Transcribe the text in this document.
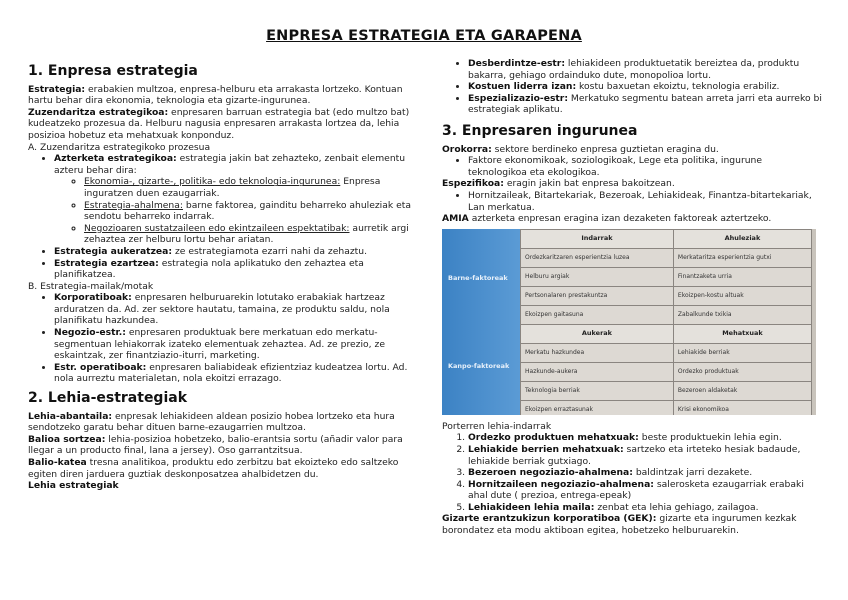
ENPRESA ESTRATEGIA ETA GARAPENA
1. Enpresa estrategia

Estrategia: erabakien multzoa, enpresa-helburu eta arrakasta lortzeko. Kontuan hartu behar dira ekonomia, teknologia eta gizarte-ingurunea.

Zuzendaritza estrategikoa: enpresaren barruan estrategia bat (edo multzo bat) kudeatzeko prozesua da. Helburu nagusia enpresaren arrakasta lortzea da, lehia posizioa hobetuz eta mehatxuak konponduz.

A. Zuzendaritza estrategikoko prozesua

• Azterketa estrategikoa: estrategia jakin bat zehazteko, zenbait elementu azteru behar dira:
◦ Ekonomia-, gizarte-, politika- edo teknologia-ingurunea: Enpresa inguratzen duen ezaugarriak.
◦ Estrategia-ahalmena: barne faktorea, gainditu beharreko ahuleziak eta sendotu beharreko indarrak.
◦ Negozioaren sustatzaileen edo ekintzaileen espektatibak: aurretik argi zehaztea zer helburu lortu behar ariatan.
• Estrategia aukeratzea: ze estrategiamota ezarri nahi da zehaztu.
• Estrategia ezartzea: estrategia nola aplikatuko den zehaztea eta planifikatzea.

B. Estrategia-mailak/motak

• Korporatiboak: enpresaren helburuarekin lotutako erabakiak hartzeaz arduratzen da. Ad. zer sektore hautatu, tamaina, ze produktu saldu, nola planifikatu hazkundea.
• Negozio-estr.: enpresaren produktuak bere merkatuan edo merkatu-segmentuan lehiakorrak izateko elementuak zehaztea. Ad. ze prezio, ze eskaintzak, zer finantziazio-iturri, marketing.
• Estr. operatiboak: enpresaren baliabideak efizientziaz kudeatzea lortu. Ad. nola aurreztu materialetan, nola ekoitzi errazago.
2. Lehia-estrategiak

Lehia-abantaila: enpresak lehiakideen aldean posizio hobea lortzeko eta hura sendotzeko garatu behar dituen barne-ezaugarrien multzoa.

Balioa sortzea: lehia-posizioa hobetzeko, balio-erantsia sortu (añadir valor para llegar a un producto final, lana a jersey). Oso garrantzitsua.

Balio-katea tresna analitikoa, produktu edo zerbitzu bat ekoizteko edo saltzeko egiten diren jarduera guztiak deskonposatzea ahalbidetzen du.

Lehia estrategiak

• Desberdintze-estr: lehiakideen produktuetatik bereiztea da, produktu bakarra, gehiago ordainduko dute, monopolioa lortu.
• Kostuen liderra izan: kostu baxuetan ekoiztu, teknologia erabiliz.
• Espezializazio-estr: Merkatuko segmentu batean arreta jarri eta aurreko bi estrategiak aplikatu.
3. Enpresaren ingurunea

Orokorra: sektore berdineko enpresa guztietan eragina du.

• Faktore ekonomikoak, soziologikoak, Lege eta politika, ingurune teknologikoa eta ekologikoa.

Espezifikoa: eragin jakin bat enpresa bakoitzean.

• Hornitzaileak, Bitartekariak, Bezeroak, Lehiakideak, Finantza-bitartekariak, Lan merkatua.

AMIA azterketa enpresan eragina izan dezaketen faktoreak aztertzeko.

Barne-faktoreak
Kanpo-faktoreak
Indarrak	Ahuleziak
Ordezkaritzaren esperientzia luzea	Merkataritza esperientzia gutxi
Helburu argiak	Finantzaketa urria
Pertsonalaren prestakuntza	Ekoizpen-kostu altuak
Ekoizpen gaitasuna	Zabalkunde txikia
Aukerak	Mehatxuak
Merkatu hazkundea	Lehiakide berriak
Hazkunde-aukera	Ordezko produktuak
Teknologia berriak	Bezeroen aldaketak
Ekoizpen erraztasunak	Krisi ekonomikoa

Porterren lehia-indarrak

1. Ordezko produktuen mehatxuak: beste produktuekin lehia egin.
2. Lehiakide berrien mehatxuak: sartzeko eta irteteko hesiak badaude, lehiakide berriak gutxiago.
3. Bezeroen negoziazio-ahalmena: baldintzak jarri dezakete.
4. Hornitzaileen negoziazio-ahalmena: salerosketa ezaugarriak erabaki ahal dute ( prezioa, entrega-epeak)
5. Lehiakideen lehia maila: zenbat eta lehia gehiago, zailagoa.

Gizarte erantzukizun korporatiboa (GEK): gizarte eta ingurumen kezkak borondatez eta modu aktiboan egitea, hobetzeko helburuarekin.
